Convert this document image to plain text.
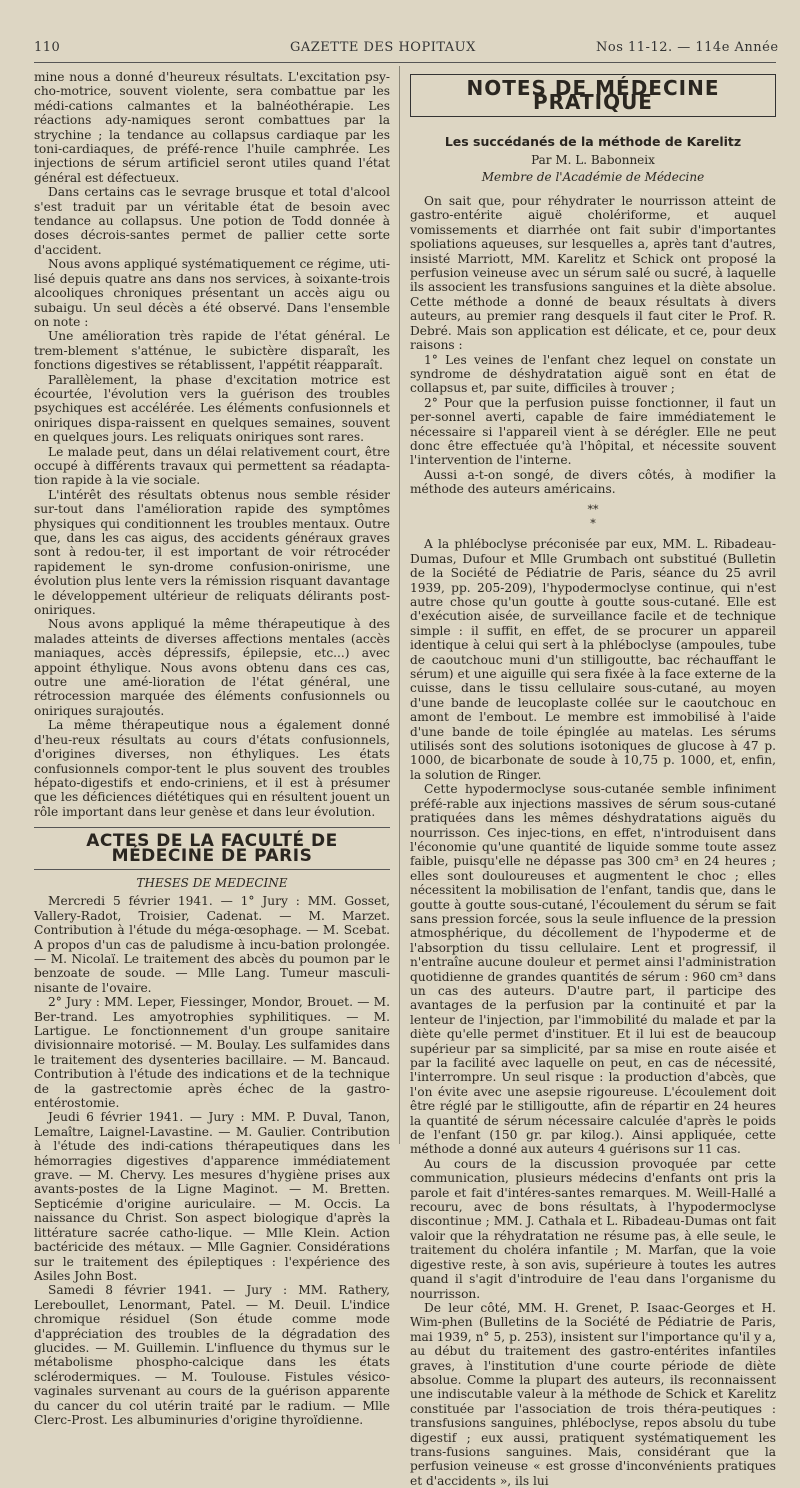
110	GAZETTE DES HOPITAUX	Nos 11-12. — 114e Année

mine nous a donné d'heureux résultats. L'excitation psy-cho-motrice, souvent violente, sera combattue par les médi-cations calmantes et la balnéothérapie. Les réactions ady-namiques seront combattues par la strychine ; la tendance au collapsus cardiaque par les toni-cardiaques, de préfé-rence l'huile camphrée. Les injections de sérum artificiel seront utiles quand l'état général est défectueux.

Dans certains cas le sevrage brusque et total d'alcool s'est traduit par un véritable état de besoin avec tendance au collapsus. Une potion de Todd donnée à doses décrois-santes permet de pallier cette sorte d'accident.

Nous avons appliqué systématiquement ce régime, uti-lisé depuis quatre ans dans nos services, à soixante-trois alcooliques chroniques présentant un accès aigu ou subaigu. Un seul décès a été observé. Dans l'ensemble on note :

Une amélioration très rapide de l'état général. Le trem-blement s'atténue, le subictère disparaît, les fonctions digestives se rétablissent, l'appétit réapparaît.

Parallèlement, la phase d'excitation motrice est écourtée, l'évolution vers la guérison des troubles psychiques est accélérée. Les éléments confusionnels et oniriques dispa-raissent en quelques semaines, souvent en quelques jours. Les reliquats oniriques sont rares.

Le malade peut, dans un délai relativement court, être occupé à différents travaux qui permettent sa réadapta-tion rapide à la vie sociale.

L'intérêt des résultats obtenus nous semble résider sur-tout dans l'amélioration rapide des symptômes physiques qui conditionnent les troubles mentaux. Outre que, dans les cas aigus, des accidents généraux graves sont à redou-ter, il est important de voir rétrocéder rapidement le syn-drome confusion-onirisme, une évolution plus lente vers la rémission risquant davantage le développement ultérieur de reliquats délirants post-oniriques.

Nous avons appliqué la même thérapeutique à des malades atteints de diverses affections mentales (accès maniaques, accès dépressifs, épilepsie, etc...) avec appoint éthylique. Nous avons obtenu dans ces cas, outre une amé-lioration de l'état général, une rétrocession marquée des éléments confusionnels ou oniriques surajoutés.

La même thérapeutique nous a également donné d'heu-reux résultats au cours d'états confusionnels, d'origines diverses, non éthyliques. Les états confusionnels compor-tent le plus souvent des troubles hépato-digestifs et endo-criniens, et il est à présumer que les déficiences diététiques qui en résultent jouent un rôle important dans leur genèse et dans leur évolution.

ACTES DE LA FACULTÉ DE MÉDECINE DE PARIS
THESES DE MEDECINE

Mercredi 5 février 1941. — 1° Jury : MM. Gosset, Vallery-Radot, Troisier, Cadenat. — M. Marzet. Contribution à l'étude du méga-œsophage. — M. Scebat. A propos d'un cas de paludisme à incu-bation prolongée. — M. Nicolaï. Le traitement des abcès du poumon par le benzoate de soude. — Mlle Lang. Tumeur masculi-nisante de l'ovaire.

2° Jury : MM. Leper, Fiessinger, Mondor, Brouet. — M. Ber-trand. Les amyotrophies syphilitiques. — M. Lartigue. Le fonctionnement d'un groupe sanitaire divisionnaire motorisé. — M. Boulay. Les sulfamides dans le traitement des dysenteries bacillaire. — M. Bancaud. Contribution à l'étude des indications et de la technique de la gastrectomie après échec de la gastro-entérostomie.

Jeudi 6 février 1941. — Jury : MM. P. Duval, Tanon, Lemaître, Laignel-Lavastine. — M. Gaulier. Contribution à l'étude des indi-cations thérapeutiques dans les hémorragies digestives d'apparence immédiatement grave. — M. Chervy. Les mesures d'hygiène prises aux avants-postes de la Ligne Maginot. — M. Bretten. Septicémie d'origine auriculaire. — M. Occis. La naissance du Christ. Son aspect biologique d'après la littérature sacrée catho-lique. — Mlle Klein. Action bactéricide des métaux. — Mlle Gagnier. Considérations sur le traitement des épileptiques : l'expérience des Asiles John Bost.

Samedi 8 février 1941. — Jury : MM. Rathery, Lereboullet, Lenormant, Patel. — M. Deuil. L'indice chromique résiduel (Son étude comme mode d'appréciation des troubles de la dégradation des glucides. — M. Guillemin. L'influence du thymus sur le métabolisme phospho-calcique dans les états sclérodermiques. — M. Toulouse. Fistules vésico-vaginales survenant au cours de la guérison apparente du cancer du col utérin traité par le radium. — Mlle Clerc-Prost. Les albuminuries d'origine thyroïdienne.

NOTES DE MÉDECINE PRATIQUE
Les succédanés de la méthode de Karelitz
Par M. L. Babonneix
Membre de l'Académie de Médecine

On sait que, pour réhydrater le nourrisson atteint de gastro-entérite aiguë cholériforme, et auquel vomissements et diarrhée ont fait subir d'importantes spoliations aqueuses, sur lesquelles a, après tant d'autres, insisté Marriott, MM. Karelitz et Schick ont proposé la perfusion veineuse avec un sérum salé ou sucré, à laquelle ils associent les transfusions sanguines et la diète absolue. Cette méthode a donné de beaux résultats à divers auteurs, au premier rang desquels il faut citer le Prof. R. Debré. Mais son application est délicate, et ce, pour deux raisons :

1° Les veines de l'enfant chez lequel on constate un syndrome de déshydratation aiguë sont en état de collapsus et, par suite, difficiles à trouver ;

2° Pour que la perfusion puisse fonctionner, il faut un per-sonnel averti, capable de faire immédiatement le nécessaire si l'appareil vient à se dérégler. Elle ne peut donc être effectuée qu'à l'hôpital, et nécessite souvent l'intervention de l'interne.

Aussi a-t-on songé, de divers côtés, à modifier la méthode des auteurs américains.

**
*

A la phléboclyse préconisée par eux, MM. L. Ribadeau-Dumas, Dufour et Mlle Grumbach ont substitué (Bulletin de la Société de Pédiatrie de Paris, séance du 25 avril 1939, pp. 205-209), l'hypodermoclyse continue, qui n'est autre chose qu'un goutte à goutte sous-cutané. Elle est d'exécution aisée, de surveillance facile et de technique simple : il suffit, en effet, de se procurer un appareil identique à celui qui sert à la phléboclyse (ampoules, tube de caoutchouc muni d'un stilligoutte, bac réchauffant le sérum) et une aiguille qui sera fixée à la face externe de la cuisse, dans le tissu cellulaire sous-cutané, au moyen d'une bande de leucoplaste collée sur le caoutchouc en amont de l'embout. Le membre est immobilisé à l'aide d'une bande de toile épinglée au matelas. Les sérums utilisés sont des solutions isotoniques de glucose à 47 p. 1000, de bicarbonate de soude à 10,75 p. 1000, et, enfin, la solution de Ringer.

Cette hypodermoclyse sous-cutanée semble infiniment préfé-rable aux injections massives de sérum sous-cutané pratiquées dans les mêmes déshydratations aiguës du nourrisson. Ces injec-tions, en effet, n'introduisent dans l'économie qu'une quantité de liquide somme toute assez faible, puisqu'elle ne dépasse pas 300 cm³ en 24 heures ; elles sont douloureuses et augmentent le choc ; elles nécessitent la mobilisation de l'enfant, tandis que, dans le goutte à goutte sous-cutané, l'écoulement du sérum se fait sans pression forcée, sous la seule influence de la pression atmosphérique, du décollement de l'hypoderme et de l'absorption du tissu cellulaire. Lent et progressif, il n'entraîne aucune douleur et permet ainsi l'administration quotidienne de grandes quantités de sérum : 960 cm³ dans un cas des auteurs. D'autre part, il participe des avantages de la perfusion par la continuité et par la lenteur de l'injection, par l'immobilité du malade et par la diète qu'elle permet d'instituer. Et il lui est de beaucoup supérieur par sa simplicité, par sa mise en route aisée et par la facilité avec laquelle on peut, en cas de nécessité, l'interrompre. Un seul risque : la production d'abcès, que l'on évite avec une asepsie rigoureuse. L'écoulement doit être réglé par le stilligoutte, afin de répartir en 24 heures la quantité de sérum nécessaire calculée d'après le poids de l'enfant (150 gr. par kilog.). Ainsi appliquée, cette méthode a donné aux auteurs 4 guérisons sur 11 cas.

Au cours de la discussion provoquée par cette communication, plusieurs médecins d'enfants ont pris la parole et fait d'intéres-santes remarques. M. Weill-Hallé a recouru, avec de bons résultats, à l'hypodermoclyse discontinue ; MM. J. Cathala et L. Ribadeau-Dumas ont fait valoir que la réhydratation ne résume pas, à elle seule, le traitement du choléra infantile ; M. Marfan, que la voie digestive reste, à son avis, supérieure à toutes les autres quand il s'agit d'introduire de l'eau dans l'organisme du nourrisson.

De leur côté, MM. H. Grenet, P. Isaac-Georges et H. Wim-phen (Bulletins de la Société de Pédiatrie de Paris, mai 1939, n° 5, p. 253), insistent sur l'importance qu'il y a, au début du traitement des gastro-entérites infantiles graves, à l'institution d'une courte période de diète absolue. Comme la plupart des auteurs, ils reconnaissent une indiscutable valeur à la méthode de Schick et Karelitz constituée par l'association de trois théra-peutiques : transfusions sanguines, phléboclyse, repos absolu du tube digestif ; eux aussi, pratiquent systématiquement les trans-fusions sanguines. Mais, considérant que la perfusion veineuse « est grosse d'inconvénients pratiques et d'accidents », ils lui
